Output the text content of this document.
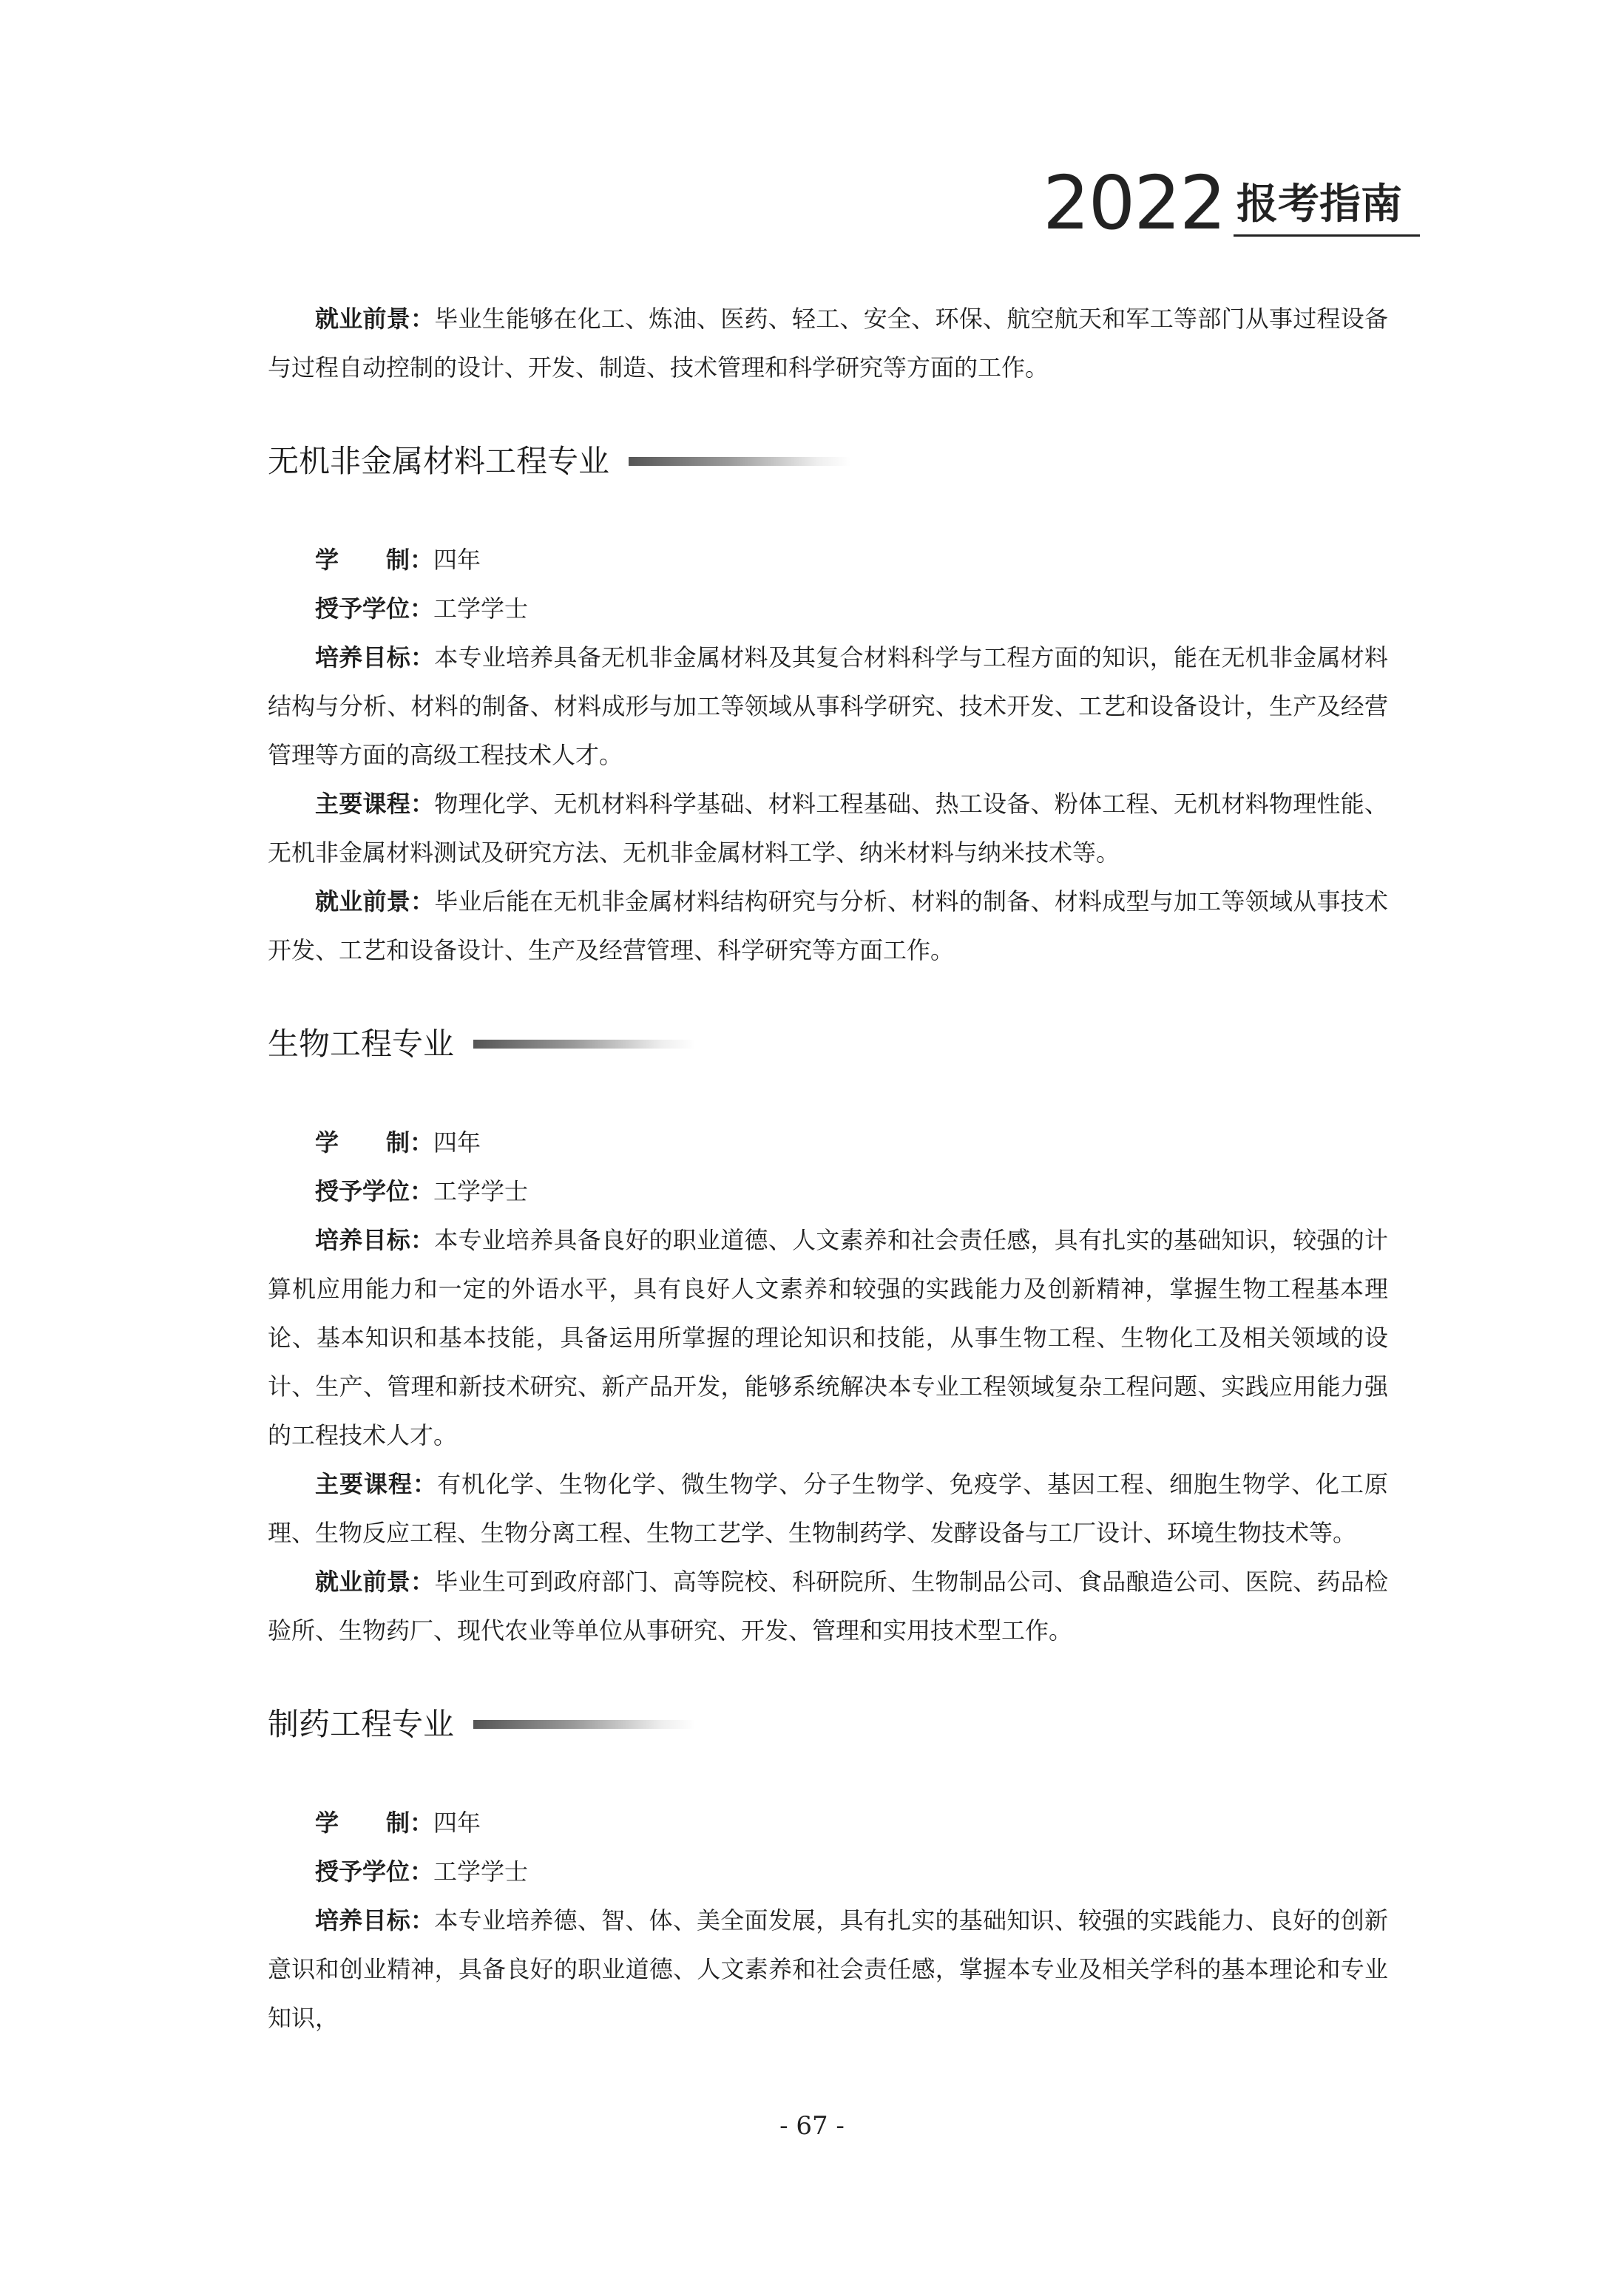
2022 报考指南

就业前景：毕业生能够在化工、炼油、医药、轻工、安全、环保、航空航天和军工等部门从事过程设备与过程自动控制的设计、开发、制造、技术管理和科学研究等方面的工作。

无机非金属材料工程专业

学　　制：四年

授予学位：工学学士

培养目标：本专业培养具备无机非金属材料及其复合材料科学与工程方面的知识，能在无机非金属材料结构与分析、材料的制备、材料成形与加工等领域从事科学研究、技术开发、工艺和设备设计，生产及经营管理等方面的高级工程技术人才。

主要课程：物理化学、无机材料科学基础、材料工程基础、热工设备、粉体工程、无机材料物理性能、无机非金属材料测试及研究方法、无机非金属材料工学、纳米材料与纳米技术等。

就业前景：毕业后能在无机非金属材料结构研究与分析、材料的制备、材料成型与加工等领域从事技术开发、工艺和设备设计、生产及经营管理、科学研究等方面工作。

生物工程专业

学　　制：四年

授予学位：工学学士

培养目标：本专业培养具备良好的职业道德、人文素养和社会责任感，具有扎实的基础知识，较强的计算机应用能力和一定的外语水平，具有良好人文素养和较强的实践能力及创新精神，掌握生物工程基本理论、基本知识和基本技能，具备运用所掌握的理论知识和技能，从事生物工程、生物化工及相关领域的设计、生产、管理和新技术研究、新产品开发，能够系统解决本专业工程领域复杂工程问题、实践应用能力强的工程技术人才。

主要课程：有机化学、生物化学、微生物学、分子生物学、免疫学、基因工程、细胞生物学、化工原理、生物反应工程、生物分离工程、生物工艺学、生物制药学、发酵设备与工厂设计、环境生物技术等。

就业前景：毕业生可到政府部门、高等院校、科研院所、生物制品公司、食品酿造公司、医院、药品检验所、生物药厂、现代农业等单位从事研究、开发、管理和实用技术型工作。

制药工程专业

学　　制：四年

授予学位：工学学士

培养目标：本专业培养德、智、体、美全面发展，具有扎实的基础知识、较强的实践能力、良好的创新意识和创业精神，具备良好的职业道德、人文素养和社会责任感，掌握本专业及相关学科的基本理论和专业知识，

- 67 -
